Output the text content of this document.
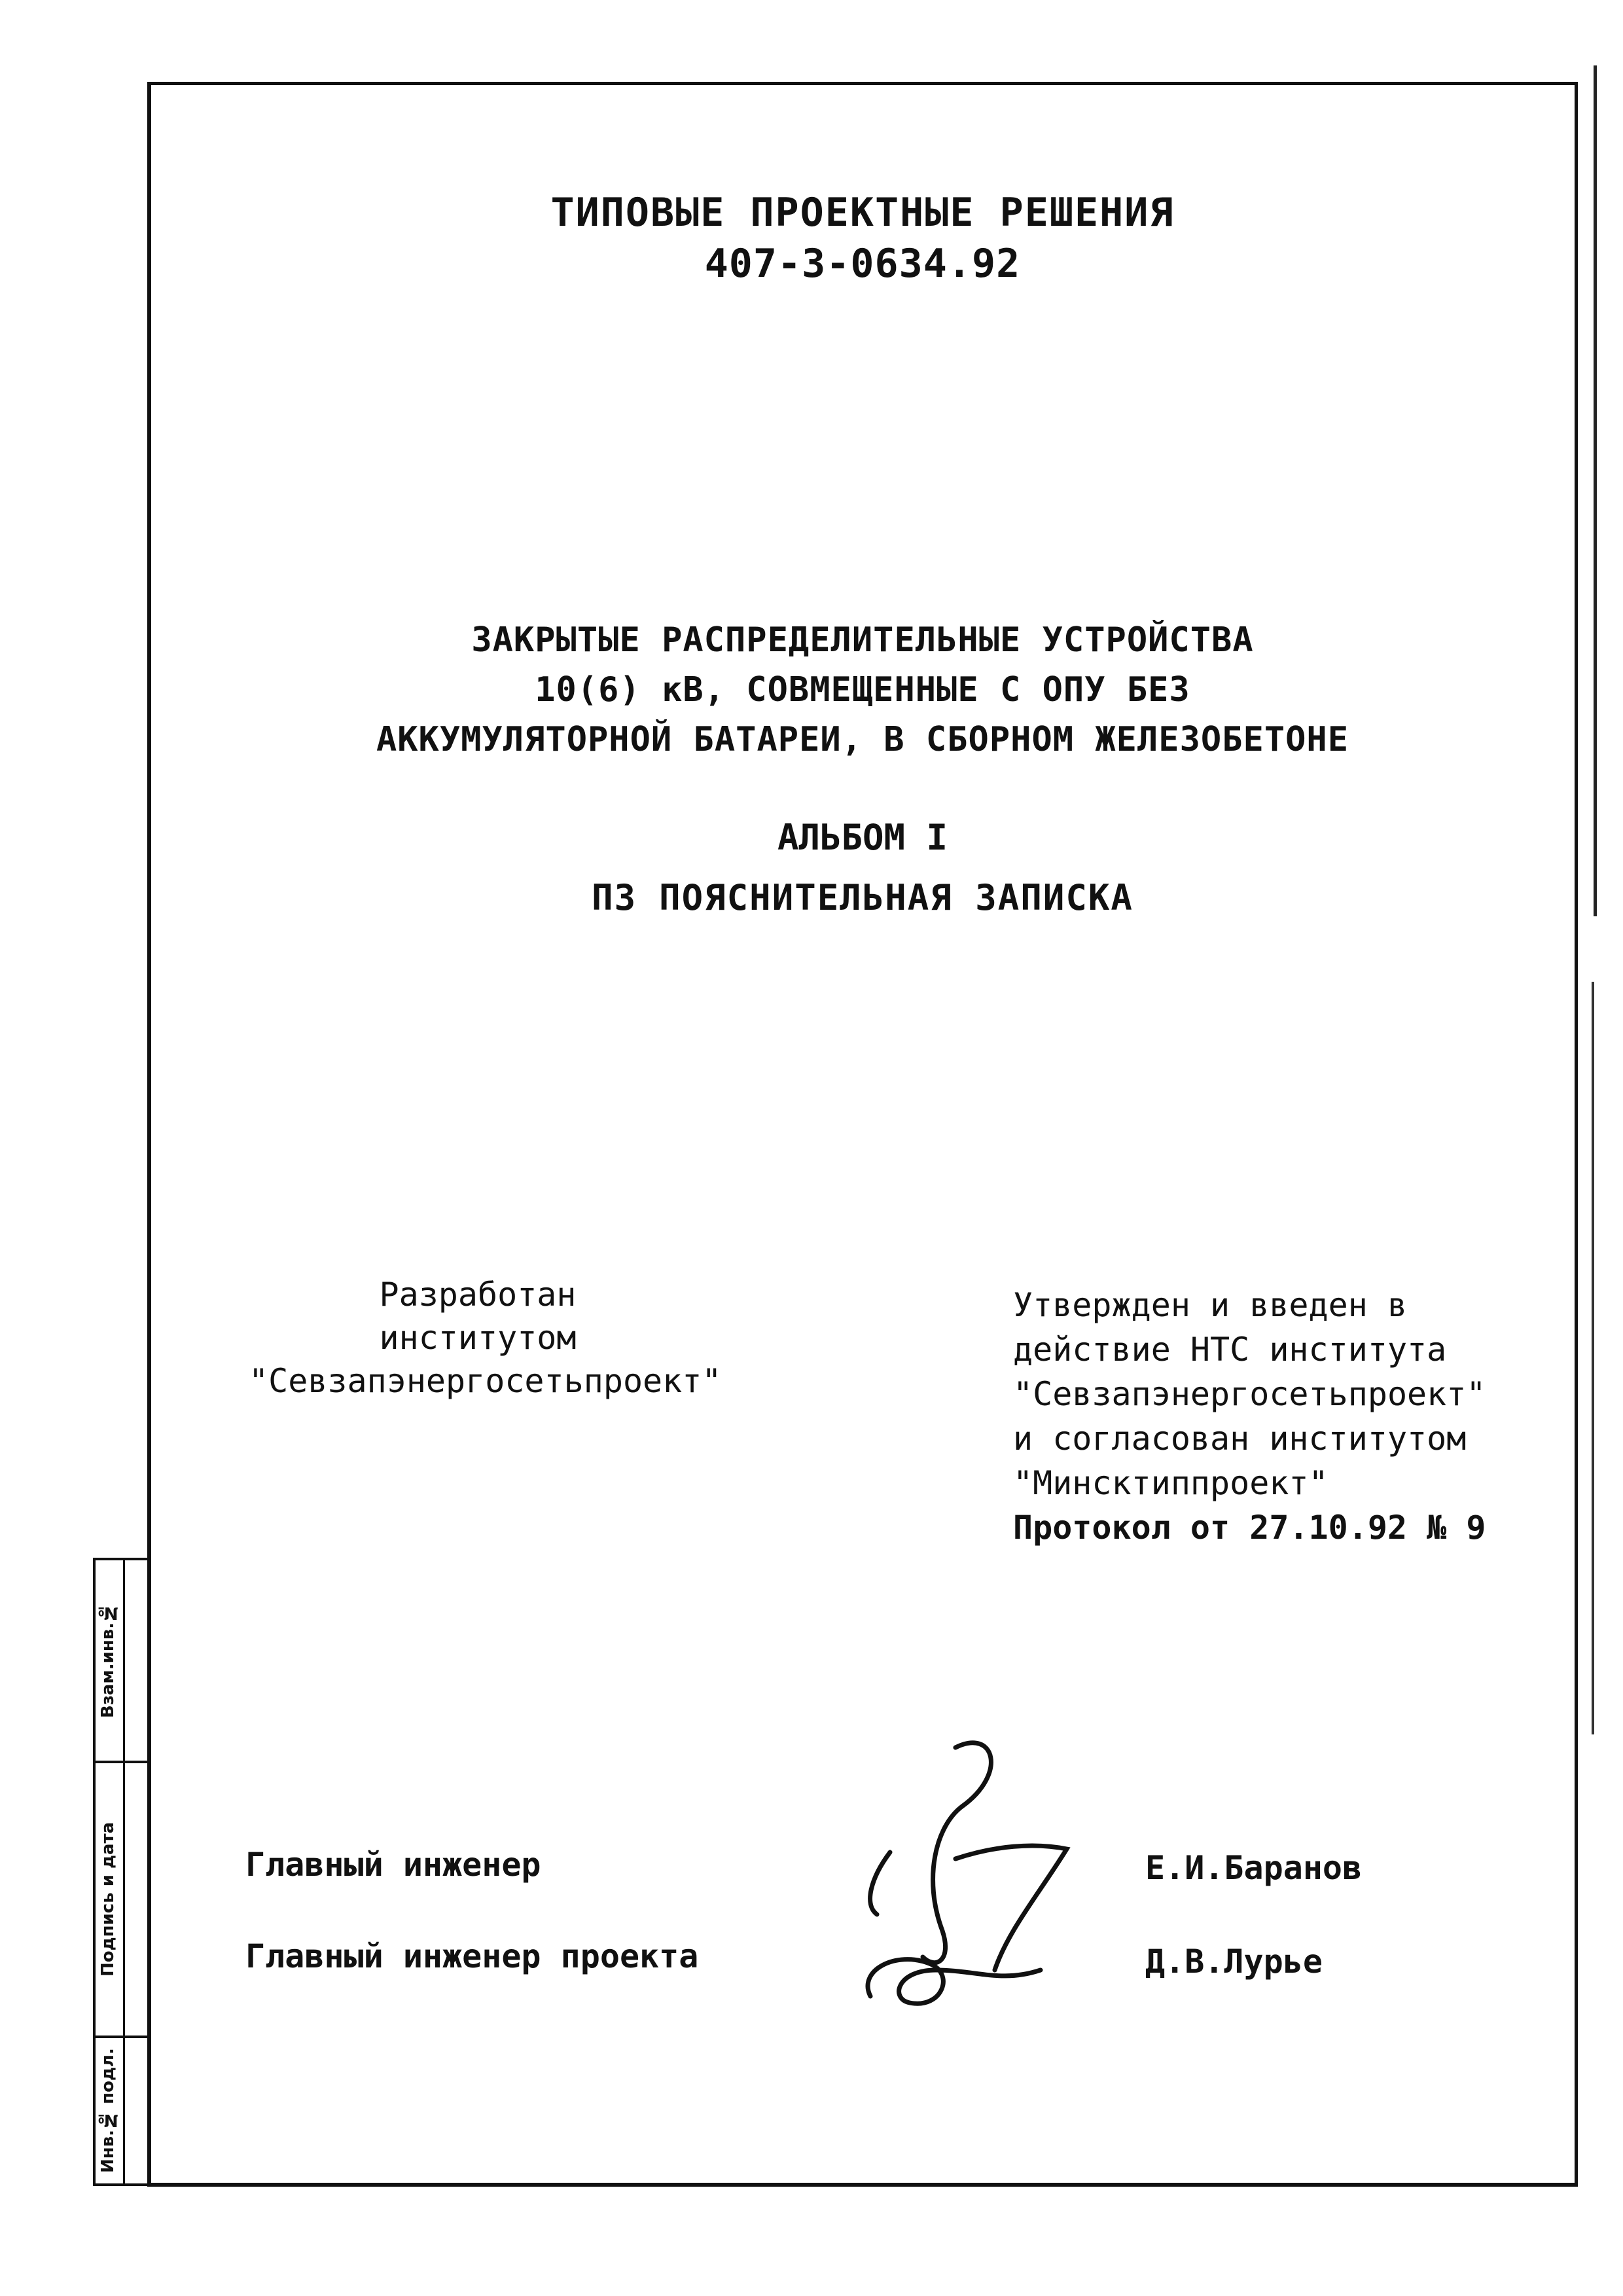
ТИПОВЫЕ ПРОЕКТНЫЕ РЕШЕНИЯ
407-3-0634.92
ЗАКРЫТЫЕ РАСПРЕДЕЛИТЕЛЬНЫЕ УСТРОЙСТВА
10(6) кВ, СОВМЕЩЕННЫЕ С ОПУ БЕЗ
АККУМУЛЯТОРНОЙ БАТАРЕИ, В СБОРНОМ ЖЕЛЕЗОБЕТОНЕ
АЛЬБОМ I
ПЗ ПОЯСНИТЕЛЬНАЯ ЗАПИСКА
Разработан
институтом
"Севзапэнергосетьпроект"
Утвержден и введен в
действие НТС института
"Севзапэнергосетьпроект"
и согласован институтом
"Минсктиппроект"
Протокол от 27.10.92 № 9
Главный инженер
Главный инженер проекта
Е.И.Баранов
Д.В.Лурье
Взам.инв.№
Подпись и дата
Инв.№ подл.
